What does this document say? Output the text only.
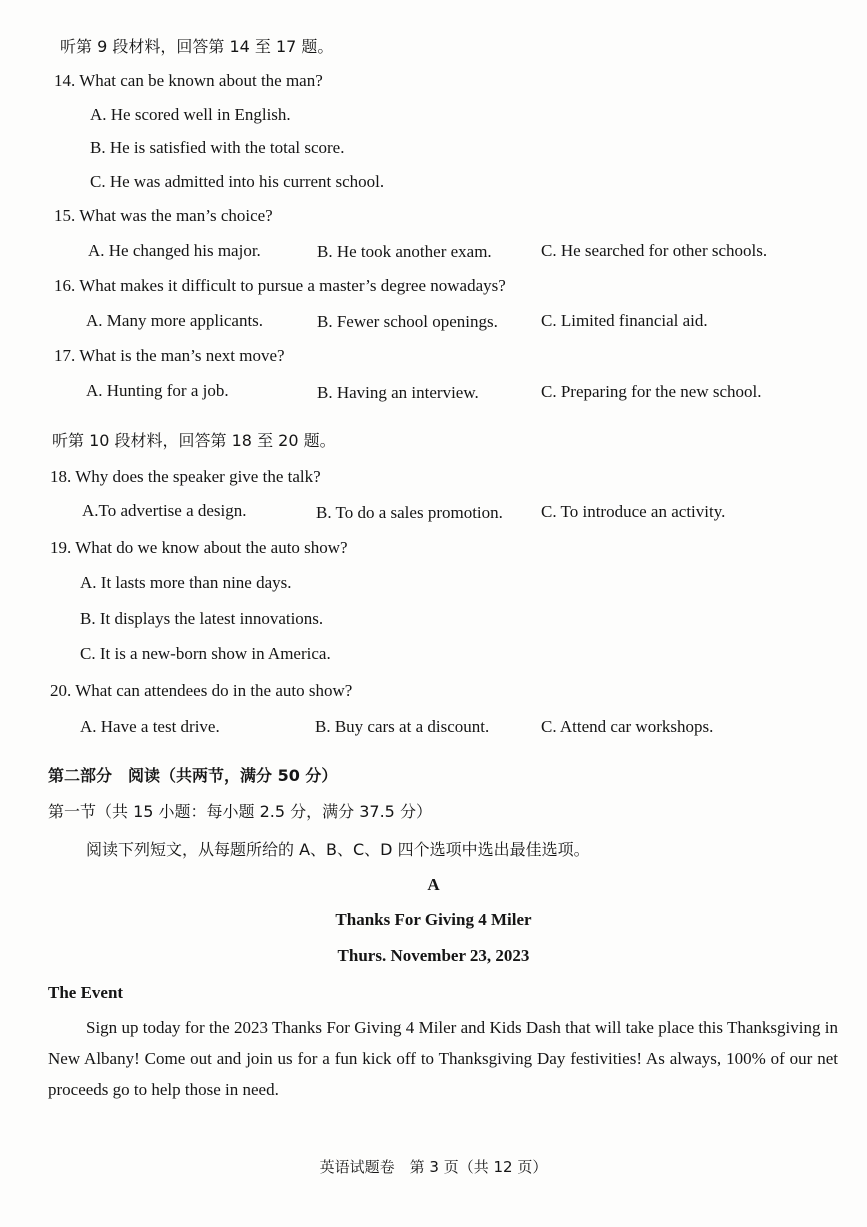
听第 9 段材料，回答第 14 至 17 题。
14. What can be known about the man?
A. He scored well in English.
B. He is satisfied with the total score.
C. He was admitted into his current school.
15. What was the man’s choice?
A. He changed his major.	B. He took another exam.	C. He searched for other schools.
16. What makes it difficult to pursue a master’s degree nowadays?
A. Many more applicants.	B. Fewer school openings.	C. Limited financial aid.
17. What is the man’s next move?
A. Hunting for a job.	B. Having an interview.	C. Preparing for the new school.
听第 10 段材料，回答第 18 至 20 题。
18. Why does the speaker give the talk?
A.To advertise a design.	B. To do a sales promotion. C. To introduce an activity.
19. What do we know about the auto show?
A. It lasts more than nine days.
B. It displays the latest innovations.
C. It is a new-born show in America.
20. What can attendees do in the auto show?
A. Have a test drive.	B. Buy cars at a discount.	C. Attend car workshops.
第二部分　阅读（共两节，满分 50 分）
第一节（共 15 小题：每小题 2.5 分，满分 37.5 分）
阅读下列短文，从每题所给的 A、B、C、D 四个选项中选出最佳选项。
A
Thanks For Giving 4 Miler
Thurs. November 23, 2023
The Event
Sign up today for the 2023 Thanks For Giving 4 Miler and Kids Dash that will take place this Thanksgiving in New Albany! Come out and join us for a fun kick off to Thanksgiving Day festivities! As always, 100% of our net proceeds go to help those in need.
英语试题卷　第 3 页（共 12 页）
